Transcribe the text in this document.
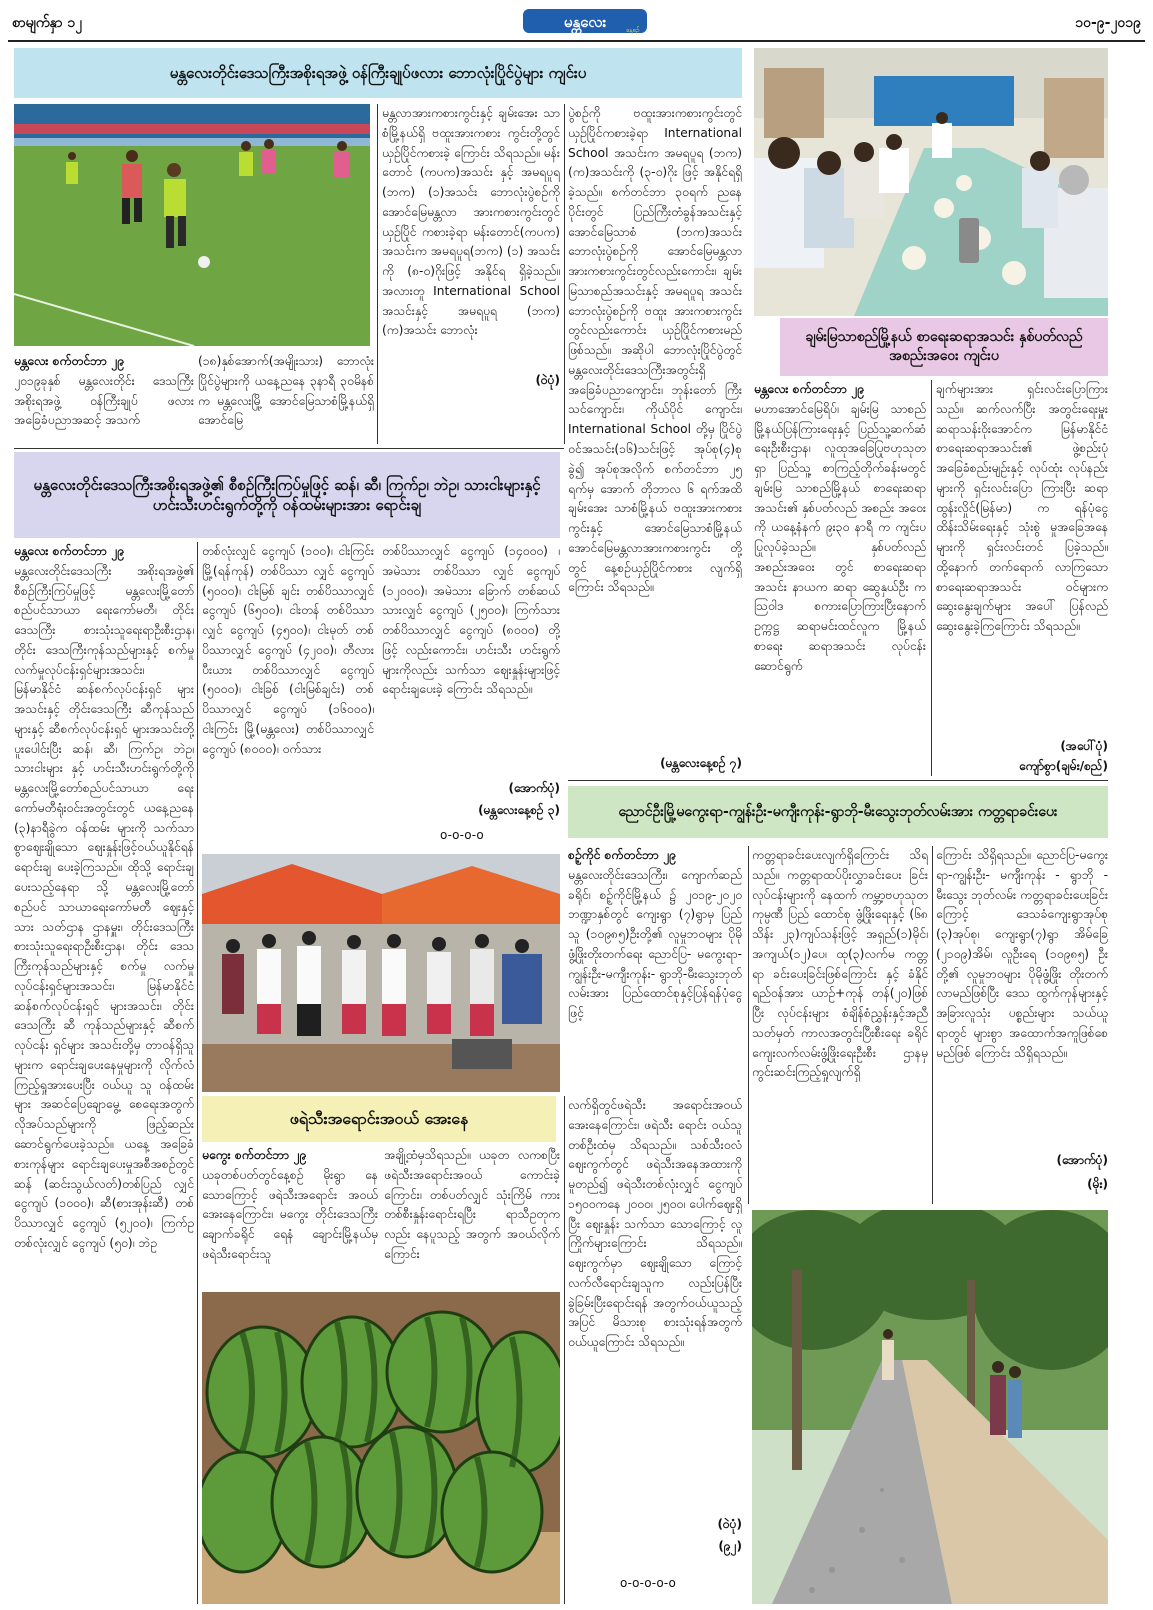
စာမျက်နှာ ၁၂	မန္တလေး	နေ့စဉ်	၁၀-၉-၂၀၁၉
မန္တလေးတိုင်းဒေသကြီးအစိုးရအဖွဲ့ ဝန်ကြီးချုပ်ဖလား ဘောလုံးပြိုင်ပွဲများ ကျင်းပ

မန္တလေး စက်တင်ဘာ ၂၉

၂၀၁၉ခုနှစ် မန္တလေးတိုင်း ဒေသကြီးအစိုးရအဖွဲ့ ဝန်ကြီးချုပ် ဖလား အခြေခံပညာအဆင့် အသက်

(၁၈)နှစ်အောက်(အမျိုးသား) ဘောလုံးပြိုင်ပွဲများကို ယနေ့ညနေ ၃နာရီ ၃၀မိနစ်က မန္တလေးမြို့ အောင်မြေသာစံမြို့နယ်ရှိ အောင်မြေ

မန္တလာအားကစားကွင်းနှင့် ချမ်းအေး သာစံမြို့နယ်ရှိ ဗထူးအားကစား ကွင်းတို့တွင် ယှဉ်ပြိုင်ကစားခဲ့ ကြောင်း သိရသည်။ မန်းတောင် (ကပက)အသင်း နှင့် အမရပူရ (ဘက) (၁)အသင်း ဘောလုံးပွဲစဉ်ကို အောင်မြေမန္တလာ အားကစားကွင်းတွင် ယှဉ်ပြိုင် ကစားခဲ့ရာ မန်းတောင်(ကပက) အသင်းက အမရပူရ(ဘက) (၁) အသင်းကို (၈-၀)ဂိုးဖြင့် အနိုင်ရ ရှိခဲ့သည်။ အလားတူ International School အသင်းနှင့် အမရပူရ (ဘက) (က)အသင်း ဘောလုံး

(ဝဲပုံ)

ပွဲစဉ်ကို ဗထူးအားကစားကွင်းတွင် ယှဉ်ပြိုင်ကစားခဲ့ရာ International School အသင်းက အမရပူရ (ဘက) (က)အသင်းကို (၃-၀)ဂိုး ဖြင့် အနိုင်ရရှိခဲ့သည်။ စက်တင်ဘာ ၃၀ရက် ညနေ ပိုင်းတွင် ပြည်ကြီးတံခွန်အသင်းနှင့် အောင်မြေသာစံ (ဘက)အသင်း ဘောလုံးပွဲစဉ်ကို အောင်မြေမန္တလာ အားကစားကွင်းတွင်လည်းကောင်း၊ ချမ်းမြသာစည်အသင်းနှင့် အမရပူရ အသင်း ဘောလုံးပွဲစဉ်ကို ဗထူး အားကစားကွင်းတွင်လည်းကောင်း ယှဉ်ပြိုင်ကစားမည်ဖြစ်သည်။ အဆိုပါ ဘောလုံးပြိုင်ပွဲတွင် မန္တလေးတိုင်းဒေသကြီးအတွင်းရှိ အခြေခံပညာကျောင်း၊ ဘုန်းတော် ကြီးသင်ကျောင်း၊ ကိုယ်ပိုင် ကျောင်း၊ International School တို့မှ ပြိုင်ပွဲဝင်အသင်း(၁၆)သင်းဖြင့် အုပ်စု(၄)စုခွဲ၍ အုပ်စုအလိုက် စက်တင်ဘာ ၂၅ ရက်မှ အောက် တိုဘာလ ၆ ရက်အထိ ချမ်းအေး သာစံမြို့နယ် ဗထူးအားကစား ကွင်းနှင့် အောင်မြေသာစံမြို့နယ် အောင်မြေမန္တလာအားကစားကွင်း တို့တွင် နေ့စဉ်ယှဉ်ပြိုင်ကစား လျက်ရှိကြောင်း သိရသည်။

(မန္တလေးနေ့စဉ် ၇)
ချမ်းမြသာစည်မြို့နယ် စာရေးဆရာအသင်း နှစ်ပတ်လည် အစည်းအဝေး ကျင်းပ

မန္တလေး စက်တင်ဘာ ၂၉

မဟာအောင်မြေရိပ်၊ ချမ်းမြ သာစည်မြို့နယ်ပြန်ကြားရေးနှင့် ပြည်သူ့ဆက်ဆံရေးဦးစီးဌာန၊ လူထုအခြေပြုဗဟုသုတရှာ ပြည်သူ့ စာကြည့်တိုက်ခန်းမတွင် ချမ်းမြ သာစည်မြို့နယ် စာရေးဆရာ အသင်း၏ နှစ်ပတ်လည် အစည်း အဝေးကို ယနေ့နံနက် ၉း၃၀ နာရီ က ကျင်းပပြုလုပ်ခဲ့သည်။ နှစ်ပတ်လည်အစည်းအဝေး တွင် စာရေးဆရာအသင်း နာယက ဆရာ ဆွေနှယ်ဦး က သြဝါဒ စကားပြောကြားပြီးနောက် ဥက္ကဋ္ဌ ဆရာမင်းထင်လူက မြို့နယ် စာရေး ဆရာအသင်း လုပ်ငန်းဆောင်ရွက်

ချက်များအား ရှင်းလင်းပြောကြား သည်။ ဆက်လက်ပြီး အတွင်းရေးမှူး ဆရာသန်းဝိုးအောင်က မြန်မာနိုင်ငံ စာရေးဆရာအသင်း၏ ဖွဲ့စည်းပုံ အခြေခံစည်းမျဉ်းနှင့် လုပ်ထုံး လုပ်နည်းများကို ရှင်းလင်းပြော ကြားပြီး ဆရာထွန်းလှိုင်(မြန်မာ) က ရန်ပုံငွေထိန်းသိမ်းရေးနှင့် သုံးစွဲ မှုအခြေအနေများကို ရှင်းလင်းတင် ပြခဲ့သည်။ ထို့နောက် တက်ရောက် လာကြသော စာရေးဆရာအသင်း ဝင်များက ဆွေးနွေးချက်များ အပေါ် ပြန်လည်ဆွေးနွေးခဲ့ကြကြောင်း သိရသည်။

(အပေါ်ပုံ)
ကျော်စွာ(ချမ်း/စည်)
မန္တလေးတိုင်းဒေသကြီးအစိုးရအဖွဲ့၏ စီစဉ်ကြီးကြပ်မှုဖြင့် ဆန်၊ ဆီ၊ ကြက်ဥ၊ ဘဲဥ၊ သားငါးများနှင့် ဟင်းသီးဟင်းရွက်တို့ကို ဝန်ထမ်းများအား ရောင်းချ

မန္တလေး စက်တင်ဘာ ၂၉

မန္တလေးတိုင်းဒေသကြီး အစိုးရအဖွဲ့၏ စီစဉ်ကြီးကြပ်မှုဖြင့် မန္တလေးမြို့တော်စည်ပင်သာယာ ရေးကော်မတီ၊ တိုင်းဒေသကြီး စားသုံးသူရေးရာဦးစီးဌာန၊ တိုင်း ဒေသကြီးကုန်သည်များနှင့် စက်မှု လက်မှုလုပ်ငန်းရှင်များအသင်း၊ မြန်မာနိုင်ငံ ဆန်စက်လုပ်ငန်းရှင် များအသင်းနှင့် တိုင်းဒေသကြီး ဆီကုန်သည်များနှင့် ဆီစက်လုပ်ငန်းရှင် များအသင်းတို့ပူးပေါင်းပြီး ဆန်၊ ဆီ၊ ကြက်ဥ၊ ဘဲဥ၊ သားငါးများ နှင့် ဟင်းသီးဟင်းရွက်တို့ကို မန္တလေးမြို့တော်စည်ပင်သာယာ ရေးကော်မတီရုံးဝင်းအတွင်းတွင် ယနေ့ညနေ (၃)နာရီခွဲက ဝန်ထမ်း များကို သက်သာစွာဈေးချိုသော ဈေးနှုန်းဖြင့်ဝယ်ယူနိုင်ရန် ရောင်းချ ပေးခဲ့ကြသည်။ ထိုသို့ ရောင်းချပေးသည့်နေရာ သို့ မန္တလေးမြို့တော်စည်ပင် သာယာရေးကော်မတီ ဈေးနှင့်သား သတ်ဌာန ဌာနမှူး၊ တိုင်းဒေသကြီး စားသုံးသူရေးရာဦးစီးဌာန၊ တိုင်း ဒေသကြီးကုန်သည်များနှင့် စက်မှု လက်မှုလုပ်ငန်းရှင်များအသင်း၊ မြန်မာနိုင်ငံ ဆန်စက်လုပ်ငန်းရှင် များအသင်း၊ တိုင်းဒေသကြီး ဆီ ကုန်သည်များနှင့် ဆီစက်လုပ်ငန်း ရှင်များ အသင်းတို့မှ တာဝန်ရှိသူ များက ရောင်းချပေးနေမှုများကို လိုက်လံ ကြည့်ရှုအားပေးပြီး ဝယ်ယူ သူ ဝန်ထမ်းများ အဆင်ပြေချောမွေ့ စေရေးအတွက် လိုအပ်သည်များကို ဖြည့်ဆည်းဆောင်ရွက်ပေးခဲ့သည်။ ယနေ့ အခြေခံစားကုန်များ ရောင်းချပေးမှုအစီအစဉ်တွင် ဆန် (ဆင်းသွယ်လတ်)တစ်ပြည် လျှင် ငွေကျပ် (၁၀၀၀)၊ ဆီ(စားအုန်းဆီ) တစ်ပိဿာလျှင် ငွေကျပ် (၅၂၀၀)၊ ကြက်ဥ တစ်လုံးလျှင် ငွေကျပ် (၅၀)၊ ဘဲဥ

တစ်လုံးလျှင် ငွေကျပ် (၁၀၀)၊ ငါးကြင်းမြို့(ရန်ကုန်) တစ်ပိဿာ လျှင် ငွေကျပ် (၅၀၀၀)၊ ငါးမြစ် ချင်း တစ်ပိဿာလျှင် ငွေကျပ် (၆၅၀၀)၊ ငါးတန် တစ်ပိဿာလျှင် ငွေကျပ် (၄၅၀၀)၊ ငါးမုတ် တစ် ပိဿာလျှင် ငွေကျပ် (၄၂၀၀)၊ တီလားပီးယား တစ်ပိဿာလျှင် ငွေကျပ် (၅၀၀၀)၊ ငါးခြစ် (ငါးမြစ်ချင်း) တစ်ပိဿာလျှင် ငွေကျပ် (၁၆၀၀၀)၊ ငါးကြင်း မြို့(မန္တလေး) တစ်ပိဿာလျှင် ငွေကျပ် (၈၀၀၀)၊ ဝက်သား

တစ်ပိဿာလျှင် ငွေကျပ် (၁၄၀၀၀) ၊အမဲသား တစ်ပိဿာ လျှင် ငွေကျပ် (၁၂၀၀၀)၊ အမဲသား ခြောက် တစ်ဆယ်သားလျှင် ငွေကျပ် (၂၅၀၀)၊ ကြက်သား တစ်ပိဿာလျှင် ငွေကျပ် (၈၀၀၀) တို့ဖြင့် လည်းကောင်း၊ ဟင်းသီး ဟင်းရွက်များကိုလည်း သက်သာ ဈေးနှုန်းများဖြင့် ရောင်းချပေးခဲ့ ကြောင်း သိရသည်။

(အောက်ပုံ)
(မန္တလေးနေ့စဉ် ၃)
o-o-o-o
ဖရဲသီးအရောင်းအဝယ် အေးနေ

မကွေး စက်တင်ဘာ ၂၉

ယခုတစ်ပတ်တွင်နေ့စဉ် မိုးရွာ နေသောကြောင့် ဖရဲသီးအရောင်း အဝယ်အေးနေကြောင်း၊ မကွေး တိုင်းဒေသကြီးချောက်ခရိုင် ရေနံ ချောင်းမြို့နယ်မှ ဖရဲသီးရောင်းသူ

အချို့ထံမှသိရသည်။ ယခုတ လကစပြီး ဖရဲသီးအရောင်းအဝယ် ကောင်းခဲ့ကြောင်း၊ တစ်ပတ်လျှင် သုံးကြိမ် ကားတစ်စီးနှုန်းရောင်းရပြီး ရာသီဥတုကလည်း နေပူသည့် အတွက် အဝယ်လိုက်ကြောင်း

လက်ရှိတွင်ဖရဲသီး အရောင်းအဝယ် အေးနေကြောင်း၊ ဖရဲသီး ရောင်း ဝယ်သူတစ်ဦးထံမှ သိရသည်။ သစ်သီးဝလံဈေးကွက်တွင် ဖရဲသီးအနေအထားကို မူတည်၍ ဖရဲသီးတစ်လုံးလျှင် ငွေကျပ် ၁၅၀၀ကနေ ၂၀၀၀၊ ၂၅၀၀၊ ပေါက်ဈေးရှိပြီး ဈေးနှုန်း သက်သာ သောကြောင့် လူကြိုက်များကြောင်း သိရသည်။ ဈေးကွက်မှာ ဈေးချိုသော ကြောင့် လက်လီရောင်းချသူက လည်းပြန်ပြီး ခွဲခြမ်းပြီးရောင်းရန် အတွက်ဝယ်ယူသည့်အပြင် မိသားစု စားသုံးရန်အတွက်ဝယ်ယူကြောင်း သိရသည်။

(ဝဲပုံ)
(၉၂)
o-o-o-o-o
ညောင်ဦးမြို့မကွေးရာ-ကျွန်းဦး-မကျီးကုန်း-ရွာဘို-မီးသွေးဘုတ်လမ်းအား ကတ္တရာခင်းပေး

စဉ့်ကိုင် စက်တင်ဘာ ၂၉

မန္တလေးတိုင်းဒေသကြီး၊ ကျောက်ဆည်ခရိုင်၊ စဉ့်ကိုင်မြို့နယ် ၌ ၂၀၁၉-၂၀၂၀ ဘဏ္ဍာနှစ်တွင် ကျေးရွာ (၇)ရွာမှ ပြည်သူ (၁၀၉၈၅)ဦးတို့၏ လူမှုဘဝများ ပိုမိုဖွံ့ဖြိုးတိုးတက်ရေး ညောင်ပြ- မကွေးရာ-ကျွန်းဦး-မကျီးကုန်း- ရွာဘို-မီးသွေးဘုတ် လမ်းအား ပြည်ထောင်စုနှင့်ပြန်ရန်ပုံငွေဖြင့်

ကတ္တရာခင်းပေးလျက်ရှိကြောင်း သိရသည်။ ကတ္တရာထပ်ပိုးလွှာခင်းပေး ခြင်း လုပ်ငန်းများကို နေထက် ကမ္ဘာ့ဗဟုသုတကုမ္ပဏီ ပြည် ထောင်စု ဖွံ့ဖြိုးရေးနှင့် (၆၈ သိန်း ၂၃)ကျပ်သန်းဖြင့် အရှည်(၁)မိုင်၊ အကျယ်(၁၂)ပေ၊ ထု(၃)လက်မ ကတ္တရာ ခင်းပေးခြင်းဖြစ်ကြောင်း နှင့် ခံနိုင်ရည်ဝန်အား ယာဉ်+ကုန် တန်(၂၀)ဖြစ်ပြီး လုပ်ငန်းများ စံချိန်စံညွှန်းနှင့်အညီ သတ်မှတ် ကာလအတွင်းပြီးစီးရေး ခရိုင် ကျေးလက်လမ်းဖွံ့ဖြိုးရေးဦးစီး ဌာနမှ ကွင်းဆင်းကြည့်ရှုလျက်ရှိ

ကြောင်း သိရှိရသည်။ ညောင်ပြ-မကွေးရာ-ကျွန်းဦး- မကျီးကုန်း - ရွာဘို - မီးသွေး ဘုတ်လမ်း ကတ္တရာခင်းပေးခြင်း ကြောင့် ဒေသခံကျေးရွာအုပ်စု (၃)အုပ်စု၊ ကျေးရွာ(၇)ရွာ အိမ်ခြေ (၂၁၀၉)အိမ်၊ လူဦးရေ (၁၀၉၈၅) ဦးတို့၏ လူမှုဘဝများ ပိုမိုဖွံ့ဖြိုး တိုးတက်လာမည်ဖြစ်ပြီး ဒေသ ထွက်ကုန်များနှင့် အခြားလူသုံး ပစ္စည်းများ သယ်ယူရာတွင် များစွာ အထောက်အကူဖြစ်စေမည်ဖြစ် ကြောင်း သိရှိရသည်။

(အောက်ပုံ)
(မိုး)
